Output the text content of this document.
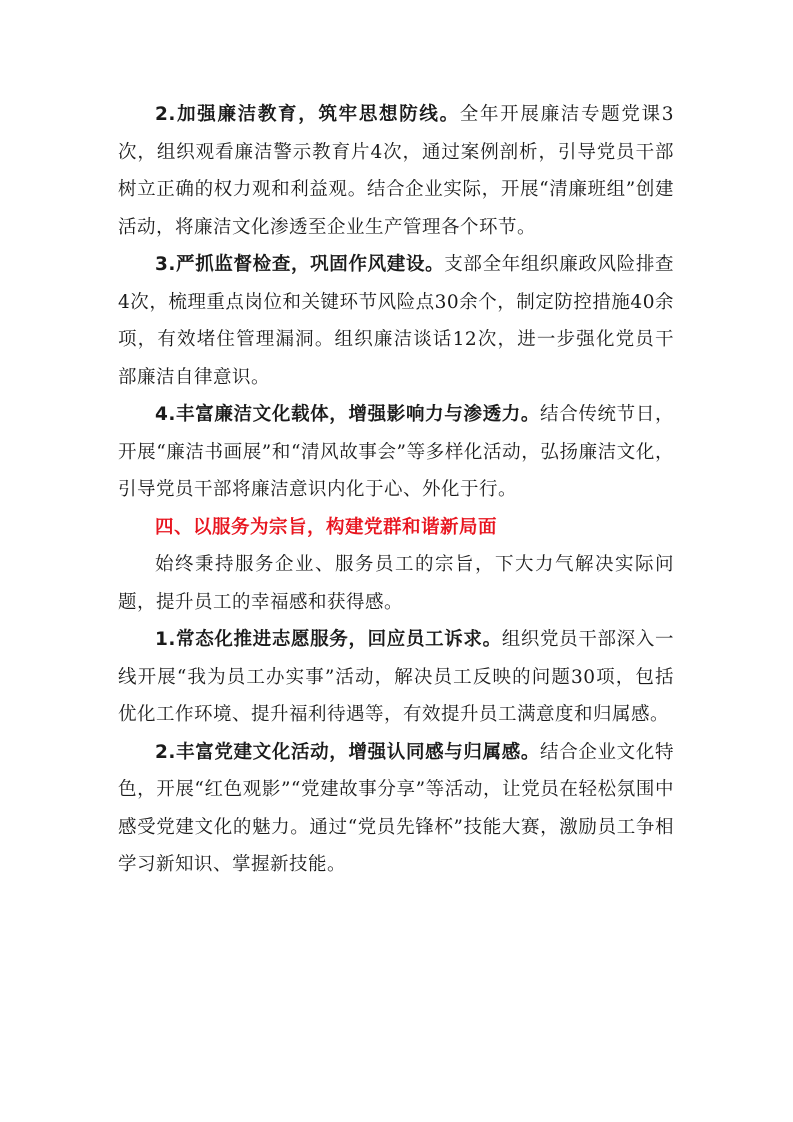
2.加强廉洁教育，筑牢思想防线。全年开展廉洁专题党课3次，组织观看廉洁警示教育片4次，通过案例剖析，引导党员干部树立正确的权力观和利益观。结合企业实际，开展“清廉班组”创建活动，将廉洁文化渗透至企业生产管理各个环节。

3.严抓监督检查，巩固作风建设。支部全年组织廉政风险排查4次，梳理重点岗位和关键环节风险点30余个，制定防控措施40余项，有效堵住管理漏洞。组织廉洁谈话12次，进一步强化党员干部廉洁自律意识。

4.丰富廉洁文化载体，增强影响力与渗透力。结合传统节日，开展“廉洁书画展”和“清风故事会”等多样化活动，弘扬廉洁文化，引导党员干部将廉洁意识内化于心、外化于行。

四、以服务为宗旨，构建党群和谐新局面

始终秉持服务企业、服务员工的宗旨，下大力气解决实际问题，提升员工的幸福感和获得感。

1.常态化推进志愿服务，回应员工诉求。组织党员干部深入一线开展“我为员工办实事”活动，解决员工反映的问题30项，包括优化工作环境、提升福利待遇等，有效提升员工满意度和归属感。

2.丰富党建文化活动，增强认同感与归属感。结合企业文化特色，开展“红色观影”“党建故事分享”等活动，让党员在轻松氛围中感受党建文化的魅力。通过“党员先锋杯”技能大赛，激励员工争相学习新知识、掌握新技能。
